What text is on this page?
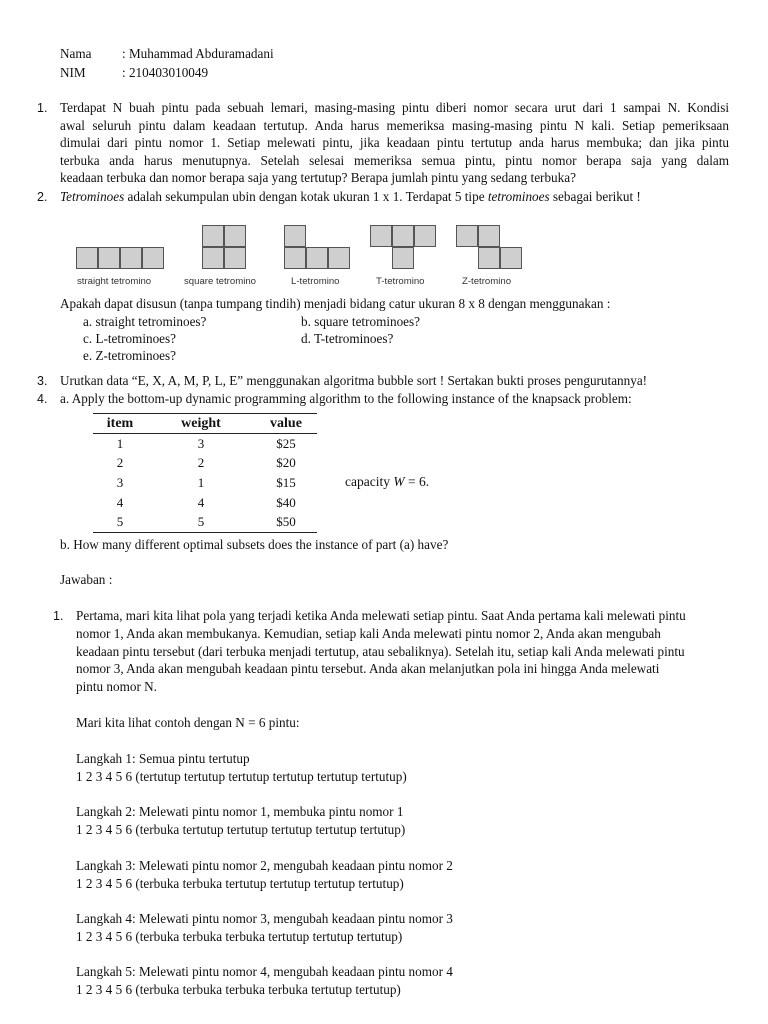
Nama : Muhammad Abduramadani
NIM	: 210403010049
1. Terdapat N buah pintu pada sebuah lemari, masing-masing pintu diberi nomor secara urut dari 1 sampai N. Kondisi
awal seluruh pintu dalam keadaan tertutup. Anda harus memeriksa masing-masing pintu N kali. Setiap pemeriksaan
dimulai dari pintu nomor 1. Setiap melewati pintu, jika keadaan pintu tertutup anda harus membuka; dan jika pintu
terbuka anda harus menutupnya. Setelah selesai memeriksa semua pintu, pintu nomor berapa saja yang dalam
keadaan terbuka dan nomor berapa saja yang tertutup? Berapa jumlah pintu yang sedang terbuka?
2. Tetrominoes adalah sekumpulan ubin dengan kotak ukuran 1 x 1. Terdapat 5 tipe tetrominoes sebagai berikut !
straight tetromino	square tetromino	L-tetromino	T-tetromino	Z-tetromino
Apakah dapat disusun (tanpa tumpang tindih) menjadi bidang catur ukuran 8 x 8 dengan menggunakan :
a. straight tetrominoes?	b. square tetrominoes?
c. L-tetrominoes?	d. T-tetrominoes?
e. Z-tetrominoes?
3. Urutkan data “E, X, A, M, P, L, E” menggunakan algoritma bubble sort ! Sertakan bukti proses pengurutannya!
4. a. Apply the bottom-up dynamic programming algorithm to the following instance of the knapsack problem:
item	weight	value
1	3	$25
2	2	$20
3	1	$15
4	4	$40
5	5	$50
capacity W = 6.
b. How many different optimal subsets does the instance of part (a) have?
Jawaban :
1. Pertama, mari kita lihat pola yang terjadi ketika Anda melewati setiap pintu. Saat Anda pertama kali melewati pintu
nomor 1, Anda akan membukanya. Kemudian, setiap kali Anda melewati pintu nomor 2, Anda akan mengubah
keadaan pintu tersebut (dari terbuka menjadi tertutup, atau sebaliknya). Setelah itu, setiap kali Anda melewati pintu
nomor 3, Anda akan mengubah keadaan pintu tersebut. Anda akan melanjutkan pola ini hingga Anda melewati
pintu nomor N.
Mari kita lihat contoh dengan N = 6 pintu:
Langkah 1: Semua pintu tertutup
1 2 3 4 5 6 (tertutup tertutup tertutup tertutup tertutup tertutup)
Langkah 2: Melewati pintu nomor 1, membuka pintu nomor 1
1 2 3 4 5 6 (terbuka tertutup tertutup tertutup tertutup tertutup)
Langkah 3: Melewati pintu nomor 2, mengubah keadaan pintu nomor 2
1 2 3 4 5 6 (terbuka terbuka tertutup tertutup tertutup tertutup)
Langkah 4: Melewati pintu nomor 3, mengubah keadaan pintu nomor 3
1 2 3 4 5 6 (terbuka terbuka terbuka tertutup tertutup tertutup)
Langkah 5: Melewati pintu nomor 4, mengubah keadaan pintu nomor 4
1 2 3 4 5 6 (terbuka terbuka terbuka terbuka tertutup tertutup)
